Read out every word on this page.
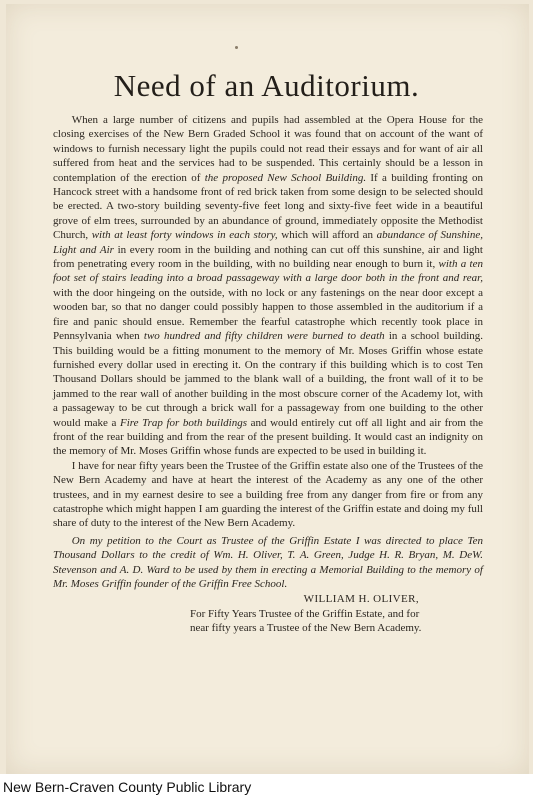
Need of an Auditorium.

When a large number of citizens and pupils had assembled at the Opera House for the closing exercises of the New Bern Graded School it was found that on account of the want of windows to furnish necessary light the pupils could not read their essays and for want of air all suffered from heat and the services had to be suspended. This certainly should be a lesson in contemplation of the erection of the proposed New School Building. If a building fronting on Hancock street with a handsome front of red brick taken from some design to be selected should be erected. A two-story building seventy-five feet long and sixty-five feet wide in a beautiful grove of elm trees, surrounded by an abundance of ground, immediately opposite the Methodist Church, with at least forty windows in each story, which will afford an abundance of Sunshine, Light and Air in every room in the building and nothing can cut off this sunshine, air and light from penetrating every room in the building, with no building near enough to burn it, with a ten foot set of stairs leading into a broad passageway with a large door both in the front and rear, with the door hingeing on the outside, with no lock or any fastenings on the near door except a wooden bar, so that no danger could possibly happen to those assembled in the auditorium if a fire and panic should ensue. Remember the fearful catastrophe which recently took place in Pennsylvania when two hundred and fifty children were burned to death in a school building. This building would be a fitting monument to the memory of Mr. Moses Griffin whose estate furnished every dollar used in erecting it. On the contrary if this building which is to cost Ten Thousand Dollars should be jammed to the blank wall of a building, the front wall of it to be jammed to the rear wall of another building in the most obscure corner of the Academy lot, with a passageway to be cut through a brick wall for a passageway from one building to the other would make a Fire Trap for both buildings and would entirely cut off all light and air from the front of the rear building and from the rear of the present building. It would cast an indignity on the memory of Mr. Moses Griffin whose funds are expected to be used in building it.

I have for near fifty years been the Trustee of the Griffin estate also one of the Trustees of the New Bern Academy and have at heart the interest of the Academy as any one of the other trustees, and in my earnest desire to see a building free from any danger from fire or from any catastrophe which might happen I am guarding the interest of the Griffin estate and doing my full share of duty to the interest of the New Bern Academy.

On my petition to the Court as Trustee of the Griffin Estate I was directed to place Ten Thousand Dollars to the credit of Wm. H. Oliver, T. A. Green, Judge H. R. Bryan, M. DeW. Stevenson and A. D. Ward to be used by them in erecting a Memorial Building to the memory of Mr. Moses Griffin founder of the Griffin Free School.

WILLIAM H. OLIVER,
For Fifty Years Trustee of the Griffin Estate, and for
near fifty years a Trustee of the New Bern Academy.
New Bern-Craven County Public Library
